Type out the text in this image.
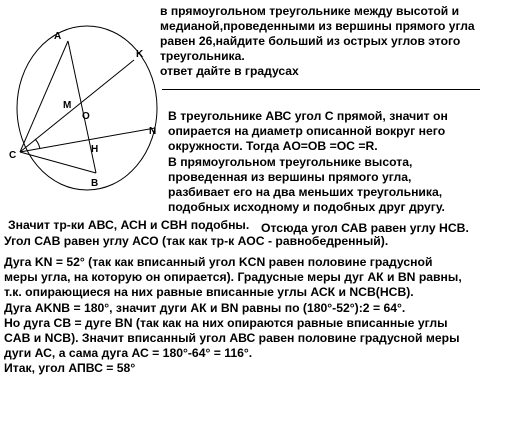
в прямоугольном треугольнике между высотой и
медианой,проведенными из вершины прямого угла
равен 26,найдите больший из острых углов этого
треугольника.
ответ дайте в градусах
A
K
M
O
N
C
H
B
В треугольнике АВС угол С прямой, значит он
опирается на диаметр описанной вокруг него
окружности. Тогда АО=ОВ =ОС =R.
В прямоугольном треугольнике высота,
проведенная из вершины прямого угла,
разбивает его на два меньших треугольника,
подобных исходному и подобных друг другу.
Значит тр-ки АВС, АСН и СВН подобны. Отсюда угол САВ равен углу НСВ.
Угол САВ равен углу АСО (так как тр-к АОС - равнобедренный).
Дуга KN = 52° (так как вписанный угол KCN равен половине градусной
меры угла, на которую он опирается). Градусные меры дуг АК и BN равны,
т.к. опирающиеся на них равные вписанные углы АСК и NCB(HCB).
Дуга АKNB = 180°, значит дуги АК и BN равны по (180°-52°):2 = 64°.
Но дуга СВ = дуге BN (так как на них опираются равные вписанные углы
CAB и NCB). Значит вписанный угол АВС равен половине градусной меры
дуги АС, а сама дуга АС = 180°-64° = 116°.
Итак, угол АПВС = 58°
